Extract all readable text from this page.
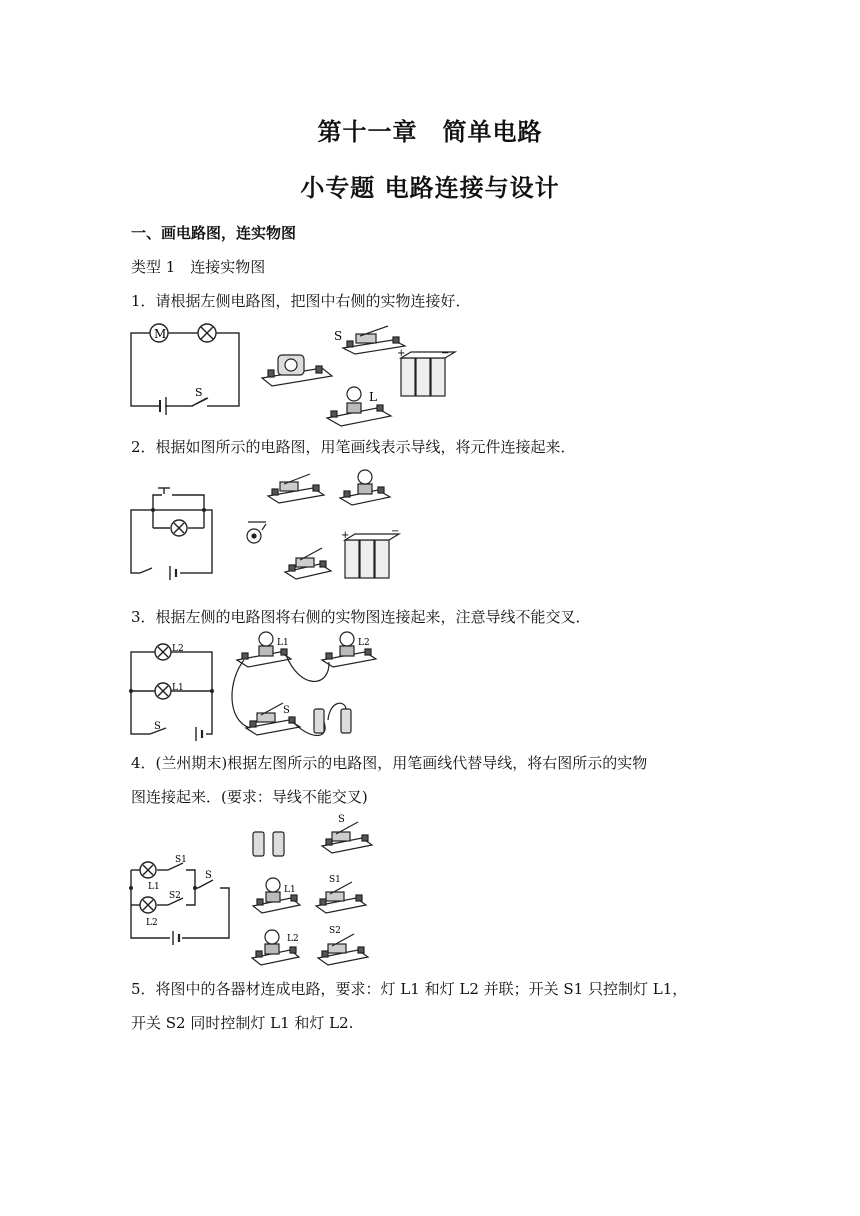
第十一章　简单电路
小专题 电路连接与设计
一、画电路图，连实物图
类型 1　连接实物图
1．请根据左侧电路图，把图中右侧的实物连接好．
M
S
S
+	−
L
2．根据如图所示的电路图，用笔画线表示导线，将元件连接起来．
+	−
3．根据左侧的电路图将右侧的实物图连接起来，注意导线不能交叉．
L2
L1
S
L1	L2
S
4．(兰州期末)根据左图所示的电路图，用笔画线代替导线，将右图所示的实物
图连接起来．(要求：导线不能交叉)
S1
S2
S
L1
L2
S
L1
S1
L2
S2
5．将图中的各器材连成电路，要求：灯 L1 和灯 L2 并联；开关 S1 只控制灯 L1，
开关 S2 同时控制灯 L1 和灯 L2.
